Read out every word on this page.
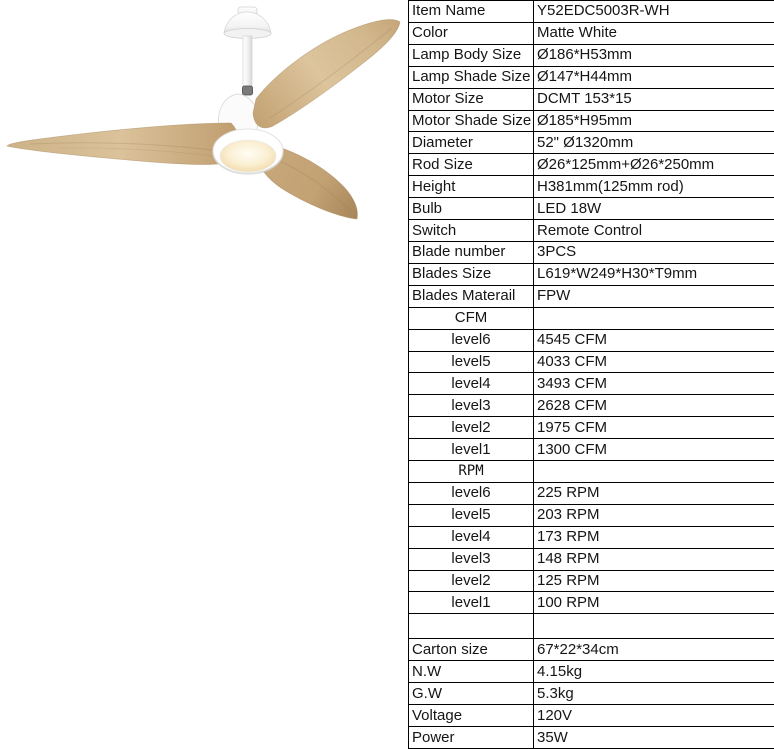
Item Name	Y52EDC5003R-WH
Color	Matte White
Lamp Body Size	Ø186*H53mm
Lamp Shade Size	Ø147*H44mm
Motor Size	DCMT 153*15
Motor Shade Size	Ø185*H95mm
Diameter	52" Ø1320mm
Rod Size	Ø26*125mm+Ø26*250mm
Height	H381mm(125mm rod)
Bulb	LED 18W
Switch	Remote Control
Blade number	3PCS
Blades Size	L619*W249*H30*T9mm
Blades Materail	FPW
CFM	
level6	4545 CFM
level5	4033 CFM
level4	3493 CFM
level3	2628 CFM
level2	1975 CFM
level1	1300 CFM
RPM	
level6	225 RPM
level5	203 RPM
level4	173 RPM
level3	148 RPM
level2	125 RPM
level1	100 RPM

Carton size	67*22*34cm
N.W	4.15kg
G.W	5.3kg
Voltage	120V
Power	35W
